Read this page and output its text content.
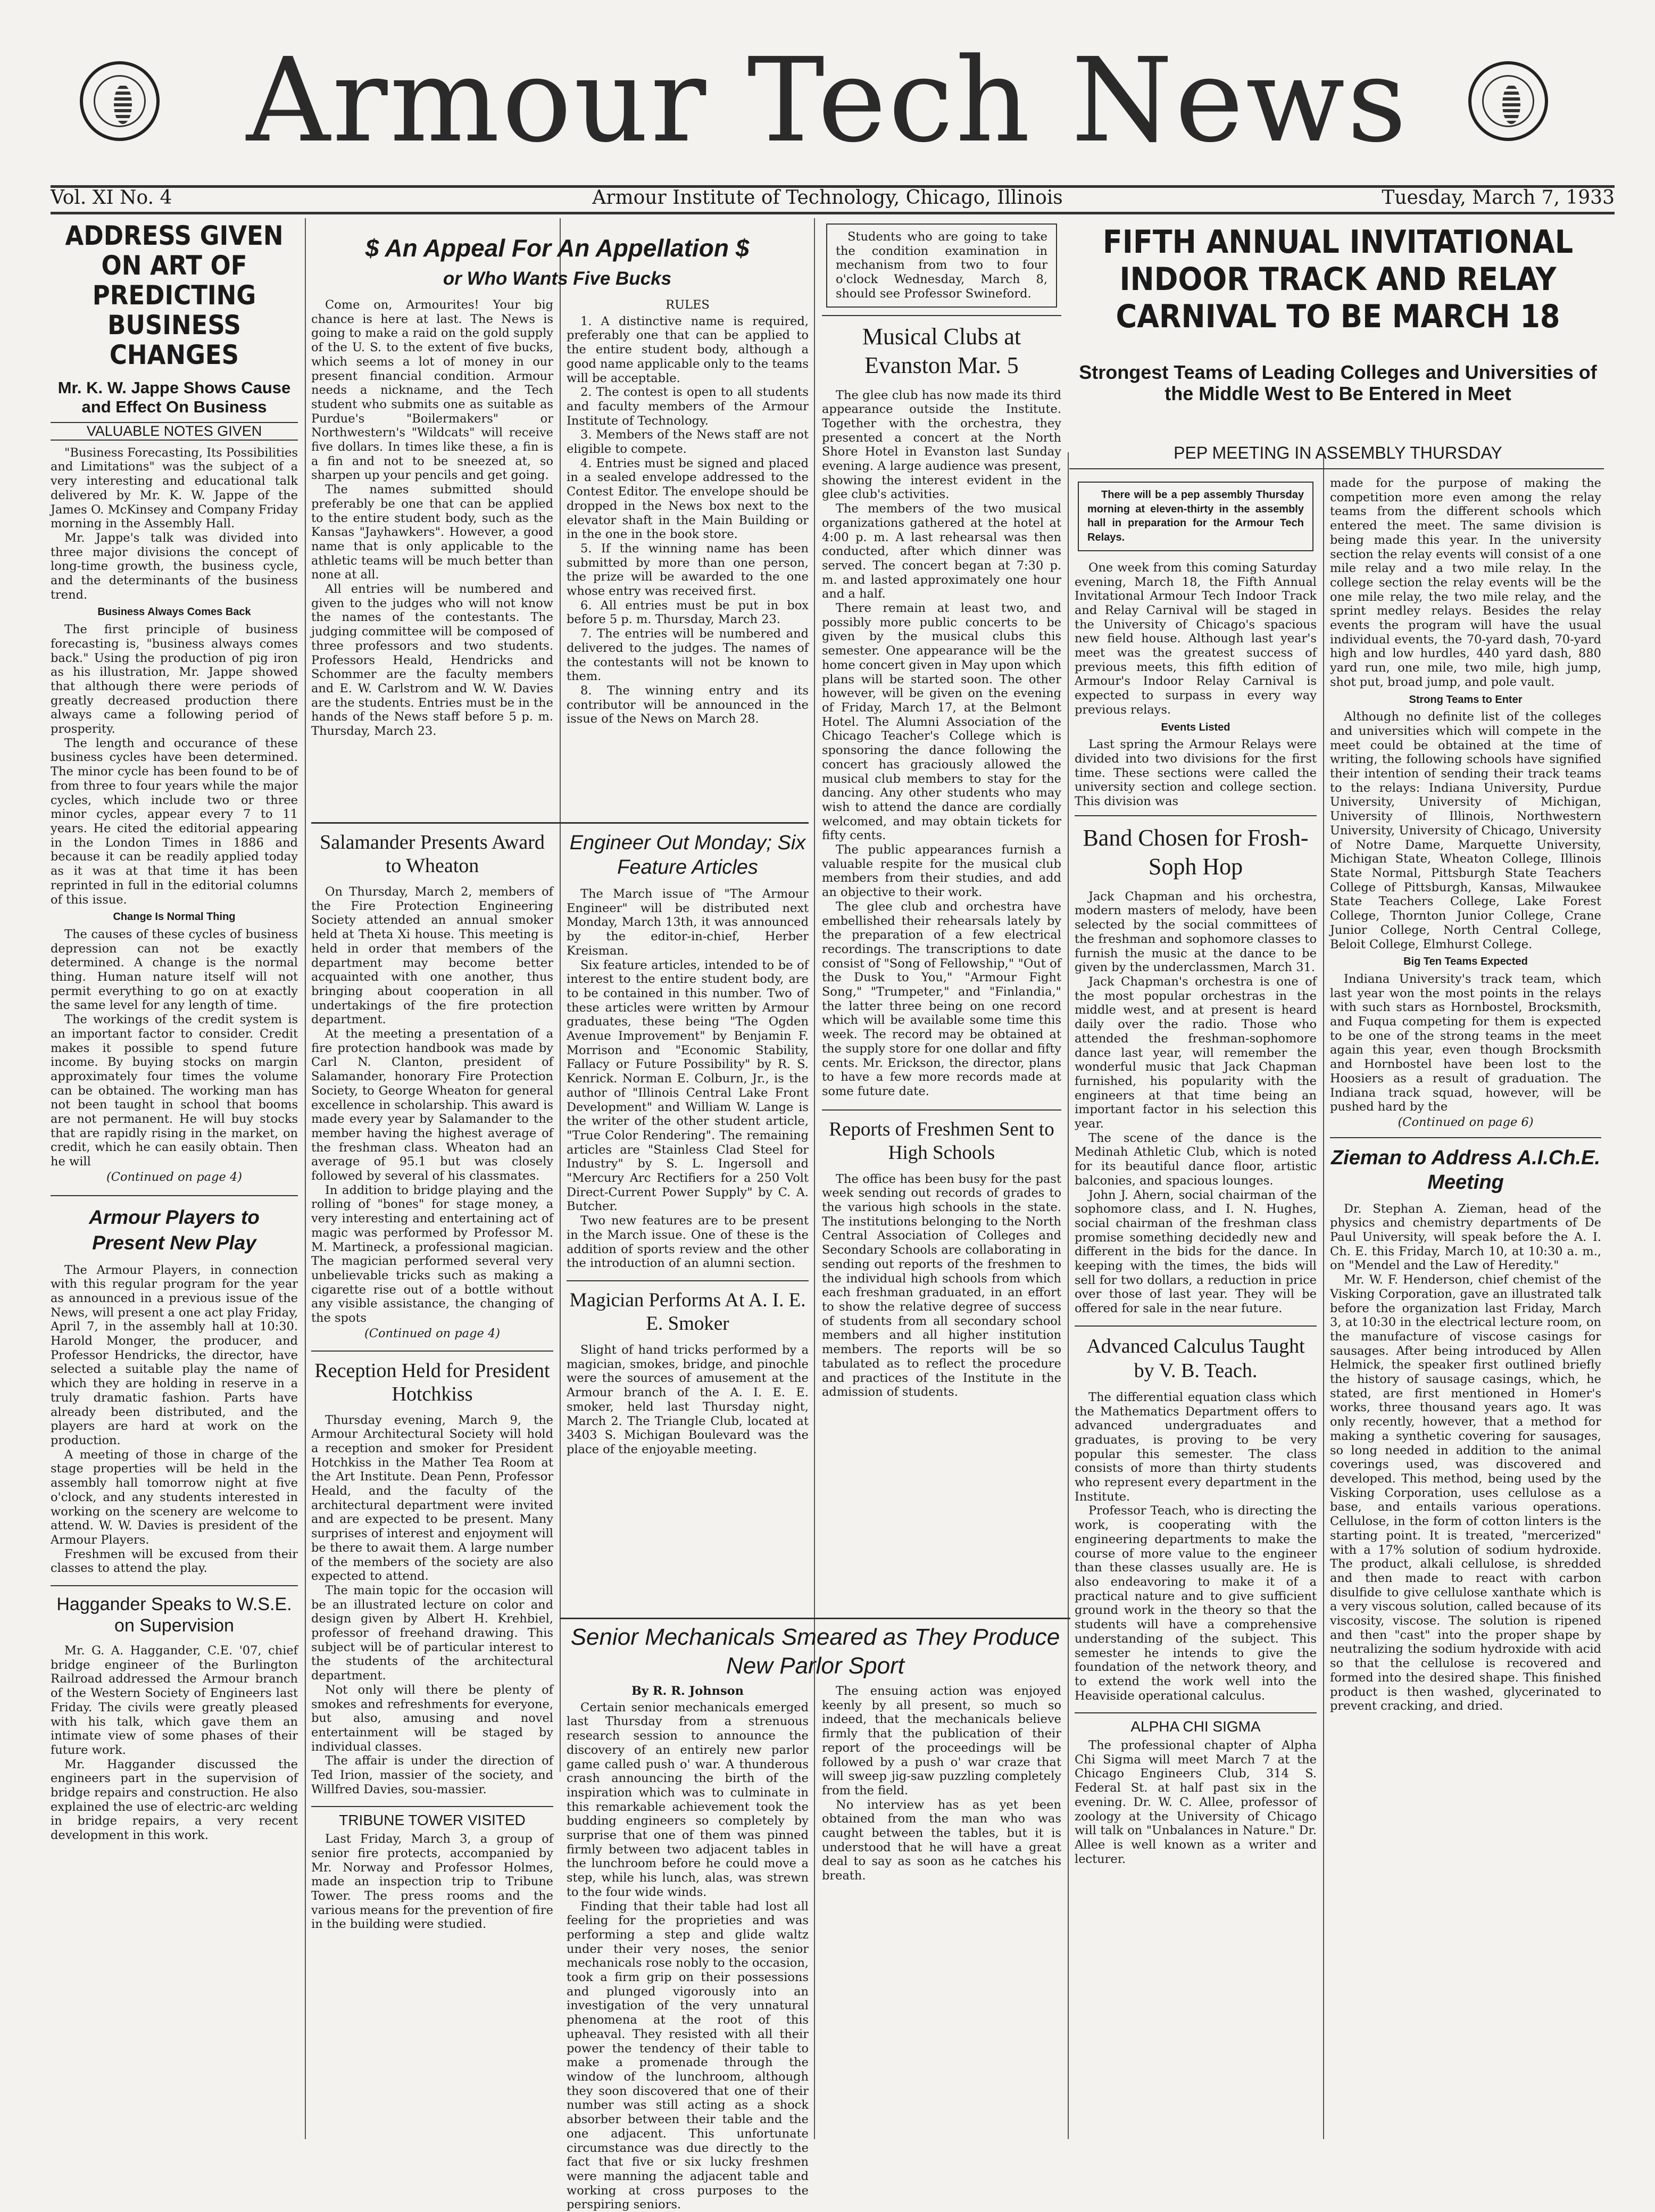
Armour Tech News
Vol. XI No. 4	Armour Institute of Technology, Chicago, Illinois	Tuesday, March 7, 1933
ADDRESS GIVEN ON ART OF PREDICTING BUSINESS CHANGES
Mr. K. W. Jappe Shows Cause and Effect On Business
VALUABLE NOTES GIVEN

"Business Forecasting, Its Possibilities and Limitations" was the subject of a very interesting and educational talk delivered by Mr. K. W. Jappe of the James O. McKinsey and Company Friday morning in the Assembly Hall.

Mr. Jappe's talk was divided into three major divisions the concept of long-time growth, the business cycle, and the determinants of the business trend.

Business Always Comes Back

The first principle of business forecasting is, "business always comes back." Using the production of pig iron as his illustration, Mr. Jappe showed that although there were periods of greatly decreased production there always came a following period of prosperity.

The length and occurance of these business cycles have been determined. The minor cycle has been found to be of from three to four years while the major cycles, which include two or three minor cycles, appear every 7 to 11 years. He cited the editorial appearing in the London Times in 1886 and because it can be readily applied today as it was at that time it has been reprinted in full in the editorial columns of this issue.

Change Is Normal Thing

The causes of these cycles of business depression can not be exactly determined. A change is the normal thing. Human nature itself will not permit everything to go on at exactly the same level for any length of time.

The workings of the credit system is an important factor to consider. Credit makes it possible to spend future income. By buying stocks on margin approximately four times the volume can be obtained. The working man has not been taught in school that booms are not permanent. He will buy stocks that are rapidly rising in the market, on credit, which he can easily obtain. Then he will

(Continued on page 4)
Armour Players to Present New Play

The Armour Players, in connection with this regular program for the year as announced in a previous issue of the News, will present a one act play Friday, April 7, in the assembly hall at 10:30. Harold Monger, the producer, and Professor Hendricks, the director, have selected a suitable play the name of which they are holding in reserve in a truly dramatic fashion. Parts have already been distributed, and the players are hard at work on the production.

A meeting of those in charge of the stage properties will be held in the assembly hall tomorrow night at five o'clock, and any students interested in working on the scenery are welcome to attend. W. W. Davies is president of the Armour Players.

Freshmen will be excused from their classes to attend the play.

Haggander Speaks to W.S.E. on Supervision

Mr. G. A. Haggander, C.E. '07, chief bridge engineer of the Burlington Railroad addressed the Armour branch of the Western Society of Engineers last Friday. The civils were greatly pleased with his talk, which gave them an intimate view of some phases of their future work.

Mr. Haggander discussed the engineers part in the supervision of bridge repairs and construction. He also explained the use of electric-arc welding in bridge repairs, a very recent development in this work.

$ An Appeal For An Appellation $
or Who Wants Five Bucks

Come on, Armourites! Your big chance is here at last. The News is going to make a raid on the gold supply of the U. S. to the extent of five bucks, which seems a lot of money in our present financial condition. Armour needs a nickname, and the Tech student who submits one as suitable as Purdue's "Boilermakers" or Northwestern's "Wildcats" will receive five dollars. In times like these, a fin is a fin and not to be sneezed at, so sharpen up your pencils and get going.

The names submitted should preferably be one that can be applied to the entire student body, such as the Kansas "Jayhawkers". However, a good name that is only applicable to the athletic teams will be much better than none at all.

All entries will be numbered and given to the judges who will not know the names of the contestants. The judging committee will be composed of three professors and two students. Professors Heald, Hendricks and Schommer are the faculty members and E. W. Carlstrom and W. W. Davies are the students. Entries must be in the hands of the News staff before 5 p. m. Thursday, March 23.

RULES

1. A distinctive name is required, preferably one that can be applied to the entire student body, although a good name applicable only to the teams will be acceptable.

2. The contest is open to all students and faculty members of the Armour Institute of Technology.

3. Members of the News staff are not eligible to compete.

4. Entries must be signed and placed in a sealed envelope addressed to the Contest Editor. The envelope should be dropped in the News box next to the elevator shaft in the Main Building or in the one in the book store.

5. If the winning name has been submitted by more than one person, the prize will be awarded to the one whose entry was received first.

6. All entries must be put in box before 5 p. m. Thursday, March 23.

7. The entries will be numbered and delivered to the judges. The names of the contestants will not be known to them.

8. The winning entry and its contributor will be announced in the issue of the News on March 28.

Salamander Presents Award to Wheaton

On Thursday, March 2, members of the Fire Protection Engineering Society attended an annual smoker held at Theta Xi house. This meeting is held in order that members of the department may become better acquainted with one another, thus bringing about cooperation in all undertakings of the fire protection department.

At the meeting a presentation of a fire protection handbook was made by Carl N. Clanton, president of Salamander, honorary Fire Protection Society, to George Wheaton for general excellence in scholarship. This award is made every year by Salamander to the member having the highest average of the freshman class. Wheaton had an average of 95.1 but was closely followed by several of his classmates.

In addition to bridge playing and the rolling of "bones" for stage money, a very interesting and entertaining act of magic was performed by Professor M. M. Martineck, a professional magician. The magician performed several very unbelievable tricks such as making a cigarette rise out of a bottle without any visible assistance, the changing of the spots

(Continued on page 4)
Reception Held for President Hotchkiss

Thursday evening, March 9, the Armour Architectural Society will hold a reception and smoker for President Hotchkiss in the Mather Tea Room at the Art Institute. Dean Penn, Professor Heald, and the faculty of the architectural department were invited and are expected to be present. Many surprises of interest and enjoyment will be there to await them. A large number of the members of the society are also expected to attend.

The main topic for the occasion will be an illustrated lecture on color and design given by Albert H. Krehbiel, professor of freehand drawing. This subject will be of particular interest to the students of the architectural department.

Not only will there be plenty of smokes and refreshments for everyone, but also, amusing and novel entertainment will be staged by individual classes.

The affair is under the direction of Ted Irion, massier of the society, and Willfred Davies, sou-massier.

TRIBUNE TOWER VISITED

Last Friday, March 3, a group of senior fire protects, accompanied by Mr. Norway and Professor Holmes, made an inspection trip to Tribune Tower. The press rooms and the various means for the prevention of fire in the building were studied.

Engineer Out Monday; Six Feature Articles

The March issue of "The Armour Engineer" will be distributed next Monday, March 13th, it was announced by the editor-in-chief, Herber Kreisman.

Six feature articles, intended to be of interest to the entire student body, are to be contained in this number. Two of these articles were written by Armour graduates, these being "The Ogden Avenue Improvement" by Benjamin F. Morrison and "Economic Stability, Fallacy or Future Possibility" by R. S. Kenrick. Norman E. Colburn, Jr., is the author of "Illinois Central Lake Front Development" and William W. Lange is the writer of the other student article, "True Color Rendering". The remaining articles are "Stainless Clad Steel for Industry" by S. L. Ingersoll and "Mercury Arc Rectifiers for a 250 Volt Direct-Current Power Supply" by C. A. Butcher.

Two new features are to be present in the March issue. One of these is the addition of sports review and the other the introduction of an alumni section.

Magician Performs At A. I. E. E. Smoker

Slight of hand tricks performed by a magician, smokes, bridge, and pinochle were the sources of amusement at the Armour branch of the A. I. E. E. smoker, held last Thursday night, March 2. The Triangle Club, located at 3403 S. Michigan Boulevard was the place of the enjoyable meeting.

Senior Mechanicals Smeared as They Produce New Parlor Sport
By R. R. Johnson

Certain senior mechanicals emerged last Thursday from a strenuous research session to announce the discovery of an entirely new parlor game called push o' war. A thunderous crash announcing the birth of the inspiration which was to culminate in this remarkable achievement took the budding engineers so completely by surprise that one of them was pinned firmly between two adjacent tables in the lunchroom before he could move a step, while his lunch, alas, was strewn to the four wide winds.

Finding that their table had lost all feeling for the proprieties and was performing a step and glide waltz under their very noses, the senior mechanicals rose nobly to the occasion, took a firm grip on their possessions and plunged vigorously into an investigation of the very unnatural phenomena at the root of this upheaval. They resisted with all their power the tendency of their table to make a promenade through the window of the lunchroom, although they soon discovered that one of their number was still acting as a shock absorber between their table and the one adjacent. This unfortunate circumstance was due directly to the fact that five or six lucky freshmen were manning the adjacent table and working at cross purposes to the perspiring seniors.

The ensuing action was enjoyed keenly by all present, so much so indeed, that the mechanicals believe firmly that the publication of their report of the proceedings will be followed by a push o' war craze that will sweep jig-saw puzzling completely from the field.

No interview has as yet been obtained from the man who was caught between the tables, but it is understood that he will have a great deal to say as soon as he catches his breath.

Students who are going to take the condition examination in mechanism from two to four o'clock Wednesday, March 8, should see Professor Swineford.

Musical Clubs at Evanston Mar. 5

The glee club has now made its third appearance outside the Institute. Together with the orchestra, they presented a concert at the North Shore Hotel in Evanston last Sunday evening. A large audience was present, showing the interest evident in the glee club's activities.

The members of the two musical organizations gathered at the hotel at 4:00 p. m. A last rehearsal was then conducted, after which dinner was served. The concert began at 7:30 p. m. and lasted approximately one hour and a half.

There remain at least two, and possibly more public concerts to be given by the musical clubs this semester. One appearance will be the home concert given in May upon which plans will be started soon. The other however, will be given on the evening of Friday, March 17, at the Belmont Hotel. The Alumni Association of the Chicago Teacher's College which is sponsoring the dance following the concert has graciously allowed the musical club members to stay for the dancing. Any other students who may wish to attend the dance are cordially welcomed, and may obtain tickets for fifty cents.

The public appearances furnish a valuable respite for the musical club members from their studies, and add an objective to their work.

The glee club and orchestra have embellished their rehearsals lately by the preparation of a few electrical recordings. The transcriptions to date consist of "Song of Fellowship," "Out of the Dusk to You," "Armour Fight Song," "Trumpeter," and "Finlandia," the latter three being on one record which will be available some time this week. The record may be obtained at the supply store for one dollar and fifty cents. Mr. Erickson, the director, plans to have a few more records made at some future date.

Reports of Freshmen Sent to High Schools

The office has been busy for the past week sending out records of grades to the various high schools in the state. The institutions belonging to the North Central Association of Colleges and Secondary Schools are collaborating in sending out reports of the freshmen to the individual high schools from which each freshman graduated, in an effort to show the relative degree of success of students from all secondary school members and all higher institution members. The reports will be so tabulated as to reflect the procedure and practices of the Institute in the admission of students.

FIFTH ANNUAL INVITATIONAL INDOOR TRACK AND RELAY CARNIVAL TO BE MARCH 18
Strongest Teams of Leading Colleges and Universities of the Middle West to Be Entered in Meet
PEP MEETING IN ASSEMBLY THURSDAY

There will be a pep assembly Thursday morning at eleven-thirty in the assembly hall in preparation for the Armour Tech Relays.

One week from this coming Saturday evening, March 18, the Fifth Annual Invitational Armour Tech Indoor Track and Relay Carnival will be staged in the University of Chicago's spacious new field house. Although last year's meet was the greatest success of previous meets, this fifth edition of Armour's Indoor Relay Carnival is expected to surpass in every way previous relays.

Events Listed

Last spring the Armour Relays were divided into two divisions for the first time. These sections were called the university section and college section. This division was

Band Chosen for Frosh-Soph Hop

Jack Chapman and his orchestra, modern masters of melody, have been selected by the social committees of the freshman and sophomore classes to furnish the music at the dance to be given by the underclassmen, March 31.

Jack Chapman's orchestra is one of the most popular orchestras in the middle west, and at present is heard daily over the radio. Those who attended the freshman-sophomore dance last year, will remember the wonderful music that Jack Chapman furnished, his popularity with the engineers at that time being an important factor in his selection this year.

The scene of the dance is the Medinah Athletic Club, which is noted for its beautiful dance floor, artistic balconies, and spacious lounges.

John J. Ahern, social chairman of the sophomore class, and I. N. Hughes, social chairman of the freshman class promise something decidedly new and different in the bids for the dance. In keeping with the times, the bids will sell for two dollars, a reduction in price over those of last year. They will be offered for sale in the near future.

Advanced Calculus Taught by V. B. Teach.

The differential equation class which the Mathematics Department offers to advanced undergraduates and graduates, is proving to be very popular this semester. The class consists of more than thirty students who represent every department in the Institute.

Professor Teach, who is directing the work, is cooperating with the engineering departments to make the course of more value to the engineer than these classes usually are. He is also endeavoring to make it of a practical nature and to give sufficient ground work in the theory so that the students will have a comprehensive understanding of the subject. This semester he intends to give the foundation of the network theory, and to extend the work well into the Heaviside operational calculus.

ALPHA CHI SIGMA

The professional chapter of Alpha Chi Sigma will meet March 7 at the Chicago Engineers Club, 314 S. Federal St. at half past six in the evening. Dr. W. C. Allee, professor of zoology at the University of Chicago will talk on "Unbalances in Nature." Dr. Allee is well known as a writer and lecturer.

made for the purpose of making the competition more even among the relay teams from the different schools which entered the meet. The same division is being made this year. In the university section the relay events will consist of a one mile relay and a two mile relay. In the college section the relay events will be the one mile relay, the two mile relay, and the sprint medley relays. Besides the relay events the program will have the usual individual events, the 70-yard dash, 70-yard high and low hurdles, 440 yard dash, 880 yard run, one mile, two mile, high jump, shot put, broad jump, and pole vault.

Strong Teams to Enter

Although no definite list of the colleges and universities which will compete in the meet could be obtained at the time of writing, the following schools have signified their intention of sending their track teams to the relays: Indiana University, Purdue University, University of Michigan, University of Illinois, Northwestern University, University of Chicago, University of Notre Dame, Marquette University, Michigan State, Wheaton College, Illinois State Normal, Pittsburgh State Teachers College of Pittsburgh, Kansas, Milwaukee State Teachers College, Lake Forest College, Thornton Junior College, Crane Junior College, North Central College, Beloit College, Elmhurst College.

Big Ten Teams Expected

Indiana University's track team, which last year won the most points in the relays with such stars as Hornbostel, Brocksmith, and Fuqua competing for them is expected to be one of the strong teams in the meet again this year, even though Brocksmith and Hornbostel have been lost to the Hoosiers as a result of graduation. The Indiana track squad, however, will be pushed hard by the

(Continued on page 6)
Zieman to Address A.I.Ch.E. Meeting

Dr. Stephan A. Zieman, head of the physics and chemistry departments of De Paul University, will speak before the A. I. Ch. E. this Friday, March 10, at 10:30 a. m., on "Mendel and the Law of Heredity."

Mr. W. F. Henderson, chief chemist of the Visking Corporation, gave an illustrated talk before the organization last Friday, March 3, at 10:30 in the electrical lecture room, on the manufacture of viscose casings for sausages. After being introduced by Allen Helmick, the speaker first outlined briefly the history of sausage casings, which, he stated, are first mentioned in Homer's works, three thousand years ago. It was only recently, however, that a method for making a synthetic covering for sausages, so long needed in addition to the animal coverings used, was discovered and developed. This method, being used by the Visking Corporation, uses cellulose as a base, and entails various operations. Cellulose, in the form of cotton linters is the starting point. It is treated, "mercerized" with a 17% solution of sodium hydroxide. The product, alkali cellulose, is shredded and then made to react with carbon disulfide to give cellulose xanthate which is a very viscous solution, called because of its viscosity, viscose. The solution is ripened and then "cast" into the proper shape by neutralizing the sodium hydroxide with acid so that the cellulose is recovered and formed into the desired shape. This finished product is then washed, glycerinated to prevent cracking, and dried.
